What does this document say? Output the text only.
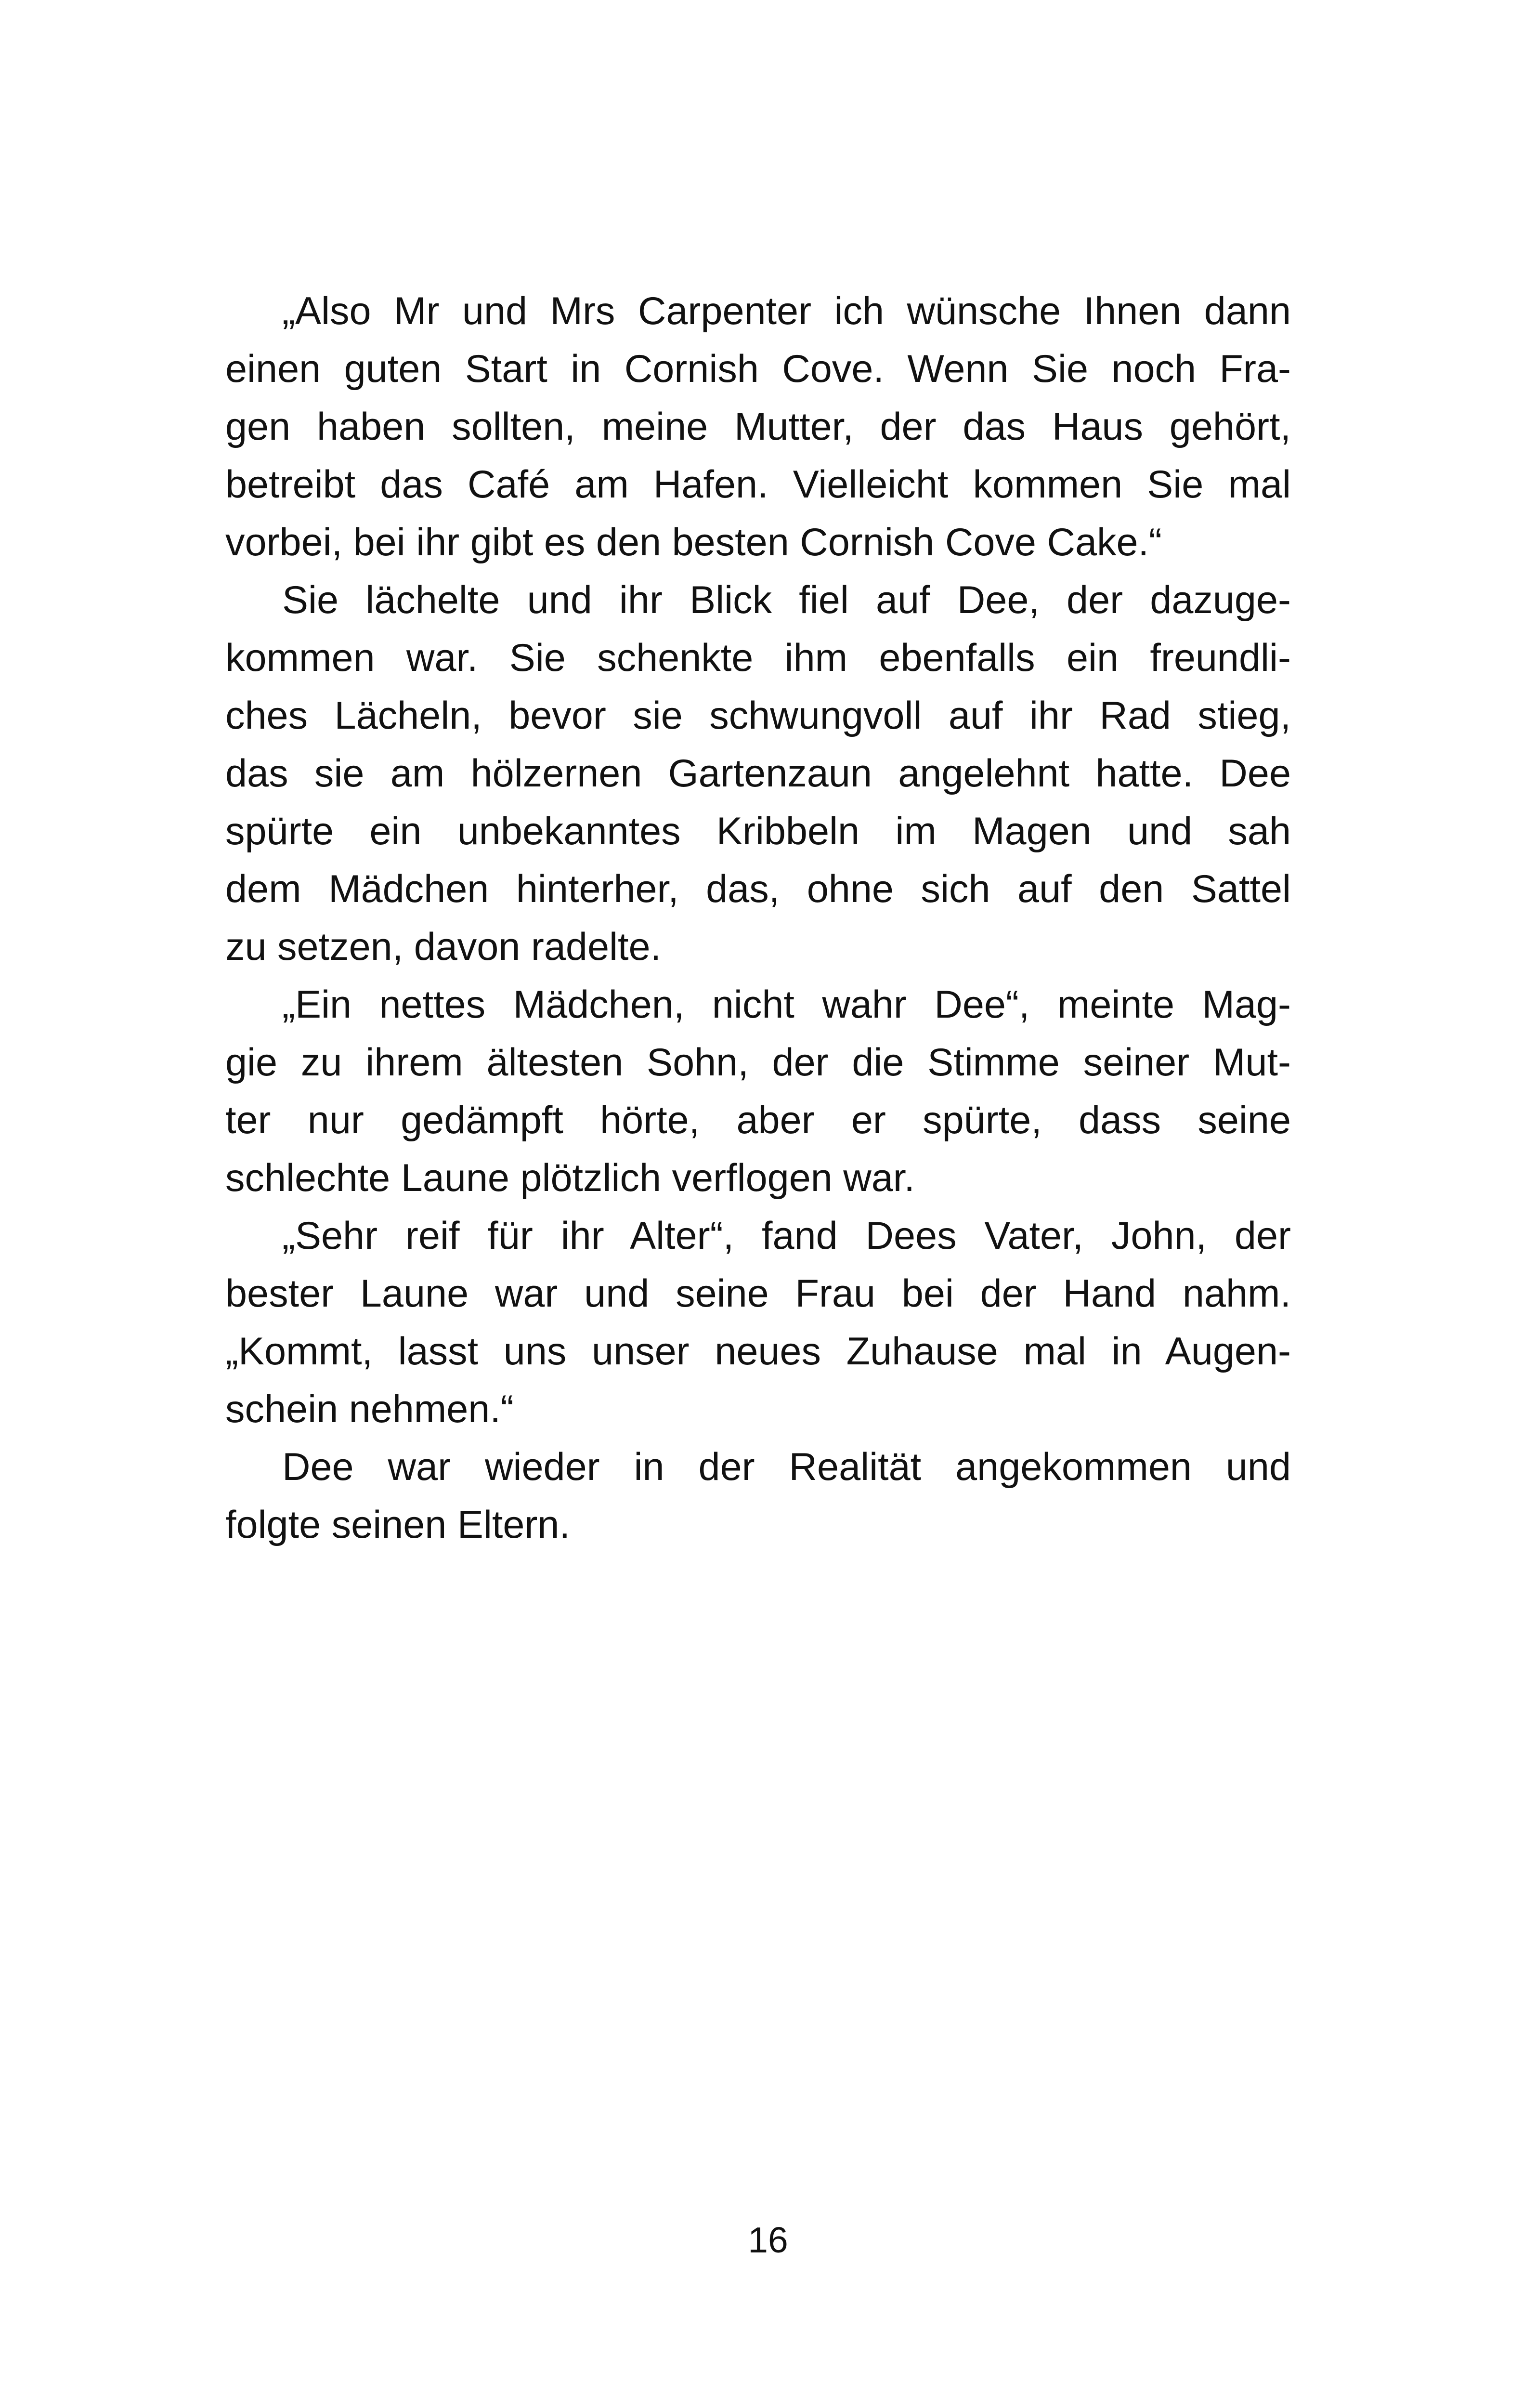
„Also Mr und Mrs Carpenter ich wünsche Ihnen dann
einen guten Start in Cornish Cove. Wenn Sie noch Fra-
gen haben sollten, meine Mutter, der das Haus gehört,
betreibt das Café am Hafen. Vielleicht kommen Sie mal
vorbei, bei ihr gibt es den besten Cornish Cove Cake.“

Sie lächelte und ihr Blick fiel auf Dee, der dazuge-
kommen war. Sie schenkte ihm ebenfalls ein freundli-
ches Lächeln, bevor sie schwungvoll auf ihr Rad stieg,
das sie am hölzernen Gartenzaun angelehnt hatte. Dee
spürte ein unbekanntes Kribbeln im Magen und sah
dem Mädchen hinterher, das, ohne sich auf den Sattel
zu setzen, davon radelte.

„Ein nettes Mädchen, nicht wahr Dee“, meinte Mag-
gie zu ihrem ältesten Sohn, der die Stimme seiner Mut-
ter nur gedämpft hörte, aber er spürte, dass seine
schlechte Laune plötzlich verflogen war.

„Sehr reif für ihr Alter“, fand Dees Vater, John, der
bester Laune war und seine Frau bei der Hand nahm.
„Kommt, lasst uns unser neues Zuhause mal in Augen-
schein nehmen.“

Dee war wieder in der Realität angekommen und
folgte seinen Eltern.

16
